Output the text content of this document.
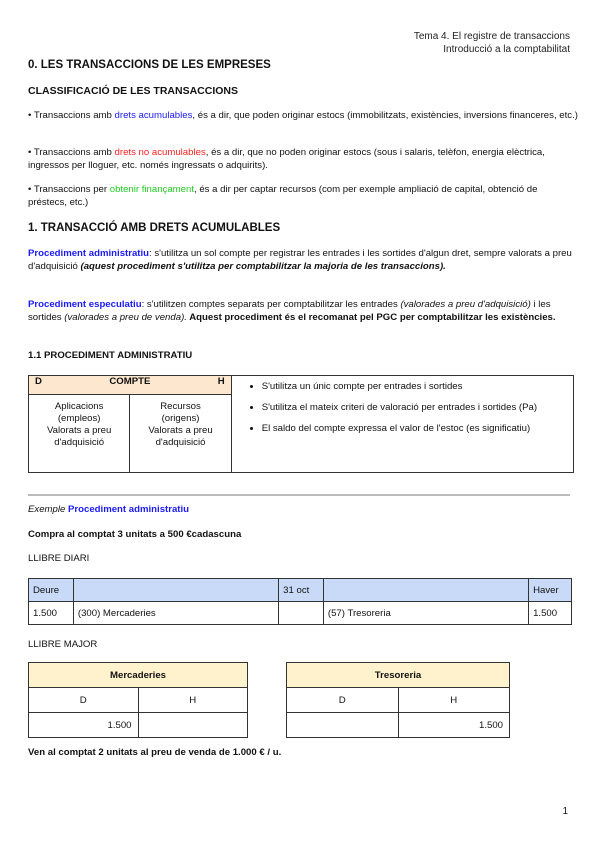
Tema 4. El registre de transaccions
Introducció a la comptabilitat
0. LES TRANSACCIONS DE LES EMPRESES
CLASSIFICACIÓ DE LES TRANSACCIONS
• Transaccions amb drets acumulables, és a dir, que poden originar estocs (immobilitzats, existències, inversions financeres, etc.)
• Transaccions amb drets no acumulables, és a dir, que no poden originar estocs (sous i salaris, telèfon, energia elèctrica, ingressos per lloguer, etc. només ingressats o adquirits).
• Transaccions per obtenir finançament, és a dir per captar recursos (com per exemple ampliació de capital, obtenció de préstecs, etc.)
1. TRANSACCIÓ AMB DRETS ACUMULABLES
Procediment administratiu: s'utilitza un sol compte per registrar les entrades i les sortides d'algun dret, sempre valorats a preu d'adquisició (aquest procediment s'utilitza per comptabilitzar la majoria de les transaccions).
Procediment especulatiu: s'utilitzen comptes separats per comptabilitzar les entrades (valorades a preu d'adquisició) i les sortides (valorades a preu de venda). Aquest procediment és el recomanat pel PGC per comptabilitzar les existències.
1.1 PROCEDIMENT ADMINISTRATIU
D	COMPTE	H

•S'utilitza un únic compte per entrades i sortides
• S'utilitza el mateix criteri de valoració per entrades i sortides (Pa)
• El saldo del compte expressa el valor de l'estoc (es significatiu)

Aplicacions
(empleos)
Valorats a preu
d'adquisició

Recursos
(origens)
Valorats a preu
d'adquisició
Exemple Procediment administratiu
Compra al comptat 3 unitats a 500 €cadascuna
LLIBRE DIARI
Deure		31 oct		Haver
1.500	(300) Mercaderies		(57) Tresoreria	1.500
LLIBRE MAJOR
Mercaderies	
D	H
1.500	
Tresoreria	
D	H
	1.500
Ven al comptat 2 unitats al preu de venda de 1.000 € / u.
1
